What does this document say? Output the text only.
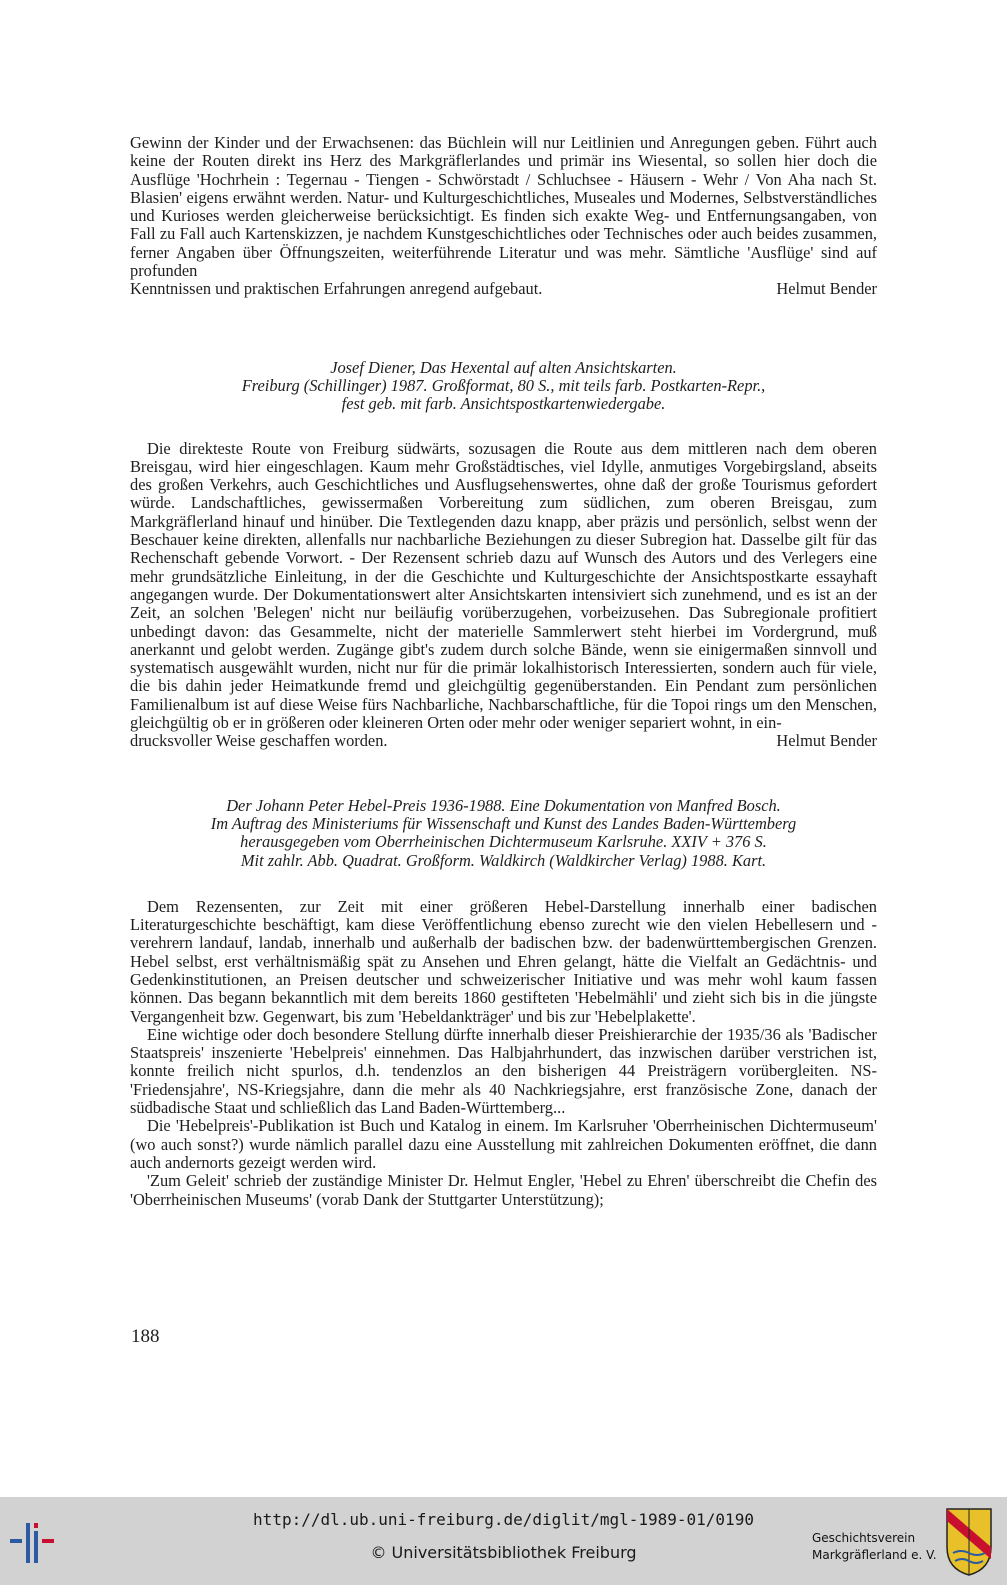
Gewinn der Kinder und der Erwachsenen: das Büchlein will nur Leitlinien und Anregungen geben. Führt auch keine der Routen direkt ins Herz des Markgräflerlandes und primär ins Wiesental, so sollen hier doch die Ausflüge 'Hochrhein : Tegernau - Tiengen - Schwörstadt / Schluchsee - Häusern - Wehr / Von Aha nach St. Blasien' eigens erwähnt werden. Natur- und Kulturgeschichtliches, Museales und Modernes, Selbstverständliches und Kurioses werden gleicherweise berücksichtigt. Es finden sich exakte Weg- und Entfernungsangaben, von Fall zu Fall auch Kartenskizzen, je nachdem Kunstgeschichtliches oder Technisches oder auch beides zusammen, ferner Angaben über Öffnungszeiten, weiterführende Literatur und was mehr. Sämtliche 'Ausflüge' sind auf profunden
Kenntnissen und praktischen Erfahrungen anregend aufgebaut.	Helmut Bender
Josef Diener, Das Hexental auf alten Ansichtskarten.
Freiburg (Schillinger) 1987. Großformat, 80 S., mit teils farb. Postkarten-Repr.,
fest geb. mit farb. Ansichtspostkartenwiedergabe.
Die direkteste Route von Freiburg südwärts, sozusagen die Route aus dem mittleren nach dem oberen Breisgau, wird hier eingeschlagen. Kaum mehr Großstädtisches, viel Idylle, anmutiges Vorgebirgsland, abseits des großen Verkehrs, auch Geschichtliches und Ausflugsehenswertes, ohne daß der große Tourismus gefordert würde. Landschaftliches, gewissermaßen Vorbereitung zum südlichen, zum oberen Breisgau, zum Markgräflerland hinauf und hinüber. Die Textlegenden dazu knapp, aber präzis und persönlich, selbst wenn der Beschauer keine direkten, allenfalls nur nachbarliche Beziehungen zu dieser Subregion hat. Dasselbe gilt für das Rechenschaft gebende Vorwort. - Der Rezensent schrieb dazu auf Wunsch des Autors und des Verlegers eine mehr grundsätzliche Einleitung, in der die Geschichte und Kulturgeschichte der Ansichtspostkarte essayhaft angegangen wurde. Der Dokumentationswert alter Ansichtskarten intensiviert sich zunehmend, und es ist an der Zeit, an solchen 'Belegen' nicht nur beiläufig vorüberzugehen, vorbeizusehen. Das Subregionale profitiert unbedingt davon: das Gesammelte, nicht der materielle Sammlerwert steht hierbei im Vordergrund, muß anerkannt und gelobt werden. Zugänge gibt's zudem durch solche Bände, wenn sie einigermaßen sinnvoll und systematisch ausgewählt wurden, nicht nur für die primär lokalhistorisch Interessierten, sondern auch für viele, die bis dahin jeder Heimatkunde fremd und gleichgültig gegenüberstanden. Ein Pendant zum persönlichen Familienalbum ist auf diese Weise fürs Nachbarliche, Nachbarschaftliche, für die Topoi rings um den Menschen, gleichgültig ob er in größeren oder kleineren Orten oder mehr oder weniger separiert wohnt, in ein-
drucksvoller Weise geschaffen worden.	Helmut Bender
Der Johann Peter Hebel-Preis 1936-1988. Eine Dokumentation von Manfred Bosch.
Im Auftrag des Ministeriums für Wissenschaft und Kunst des Landes Baden-Württemberg
herausgegeben vom Oberrheinischen Dichtermuseum Karlsruhe. XXIV + 376 S.
Mit zahlr. Abb. Quadrat. Großform. Waldkirch (Waldkircher Verlag) 1988. Kart.

Dem Rezensenten, zur Zeit mit einer größeren Hebel-Darstellung innerhalb einer badischen Literaturgeschichte beschäftigt, kam diese Veröffentlichung ebenso zurecht wie den vielen Hebellesern und -verehrern landauf, landab, innerhalb und außerhalb der badischen bzw. der badenwürttembergischen Grenzen. Hebel selbst, erst verhältnismäßig spät zu Ansehen und Ehren gelangt, hätte die Vielfalt an Gedächtnis- und Gedenkinstitutionen, an Preisen deutscher und schweizerischer Initiative und was mehr wohl kaum fassen können. Das begann bekanntlich mit dem bereits 1860 gestifteten 'Hebelmähli' und zieht sich bis in die jüngste Vergangenheit bzw. Gegenwart, bis zum 'Hebeldankträger' und bis zur 'Hebelplakette'.

Eine wichtige oder doch besondere Stellung dürfte innerhalb dieser Preishierarchie der 1935/36 als 'Badischer Staatspreis' inszenierte 'Hebelpreis' einnehmen. Das Halbjahrhundert, das inzwischen darüber verstrichen ist, konnte freilich nicht spurlos, d.h. tendenzlos an den bisherigen 44 Preisträgern vorübergleiten. NS-'Friedensjahre', NS-Kriegsjahre, dann die mehr als 40 Nachkriegsjahre, erst französische Zone, danach der südbadische Staat und schließlich das Land Baden-Württemberg...

Die 'Hebelpreis'-Publikation ist Buch und Katalog in einem. Im Karlsruher 'Oberrheinischen Dichtermuseum' (wo auch sonst?) wurde nämlich parallel dazu eine Ausstellung mit zahlreichen Dokumenten eröffnet, die dann auch andernorts gezeigt werden wird.

'Zum Geleit' schrieb der zuständige Minister Dr. Helmut Engler, 'Hebel zu Ehren' überschreibt die Chefin des 'Oberrheinischen Museums' (vorab Dank der Stuttgarter Unterstützung);

188
http://dl.ub.uni-freiburg.de/diglit/mgl-1989-01/0190
© Universitätsbibliothek Freiburg
Geschichtsverein
Markgräflerland e. V.
